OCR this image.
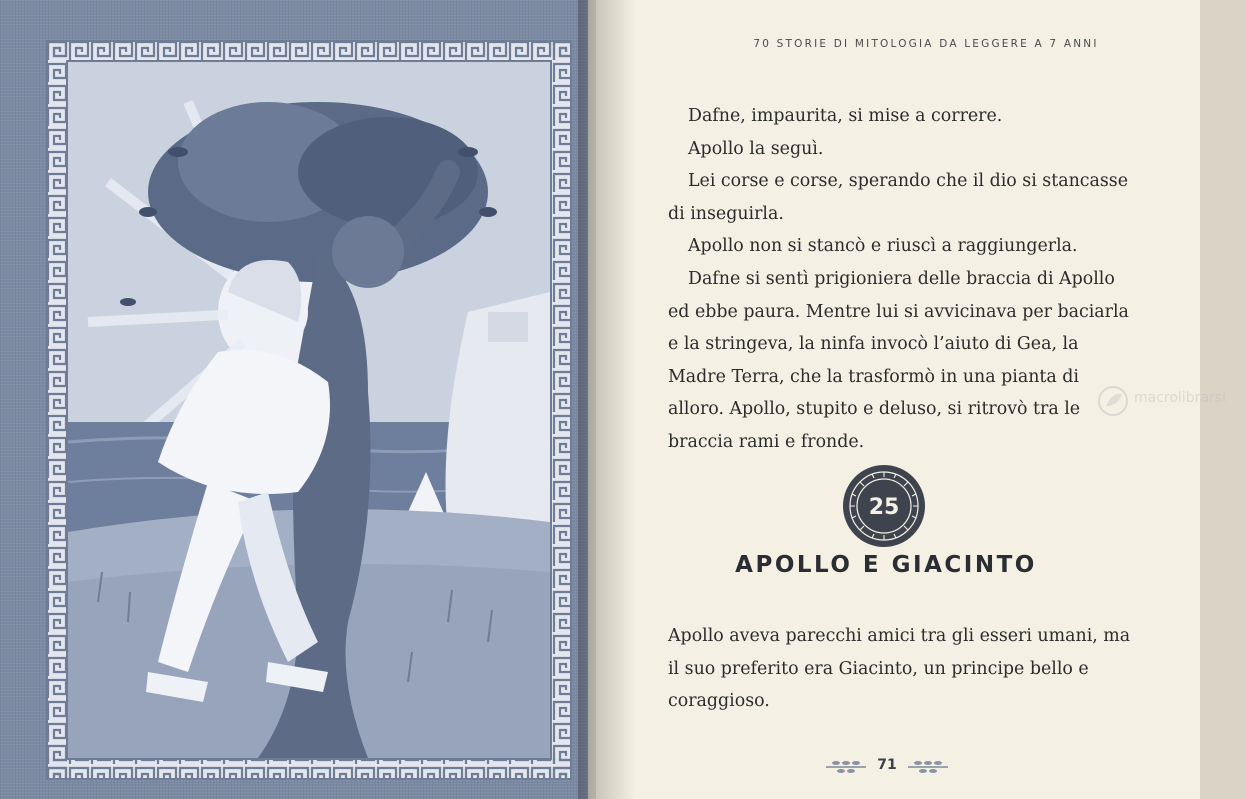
70 STORIE DI MITOLOGIA DA LEGGERE A 7 ANNI

Dafne, impaurita, si mise a correre.

Apollo la seguì.

Lei corse e corse, sperando che il dio si stancasse di inseguirla.

Apollo non si stancò e riuscì a raggiungerla.

Dafne si sentì prigioniera delle braccia di Apollo ed ebbe paura. Mentre lui si avvicinava per baciarla e la stringeva, la ninfa invocò l’aiuto di Gea, la Madre Terra, che la trasformò in una pianta di alloro. Apollo, stupito e deluso, si ritrovò tra le braccia rami e fronde.

macrolibrarsi
25
APOLLO E GIACINTO

Apollo aveva parecchi amici tra gli esseri umani, ma il suo preferito era Giacinto, un principe bello e coraggioso.

71
